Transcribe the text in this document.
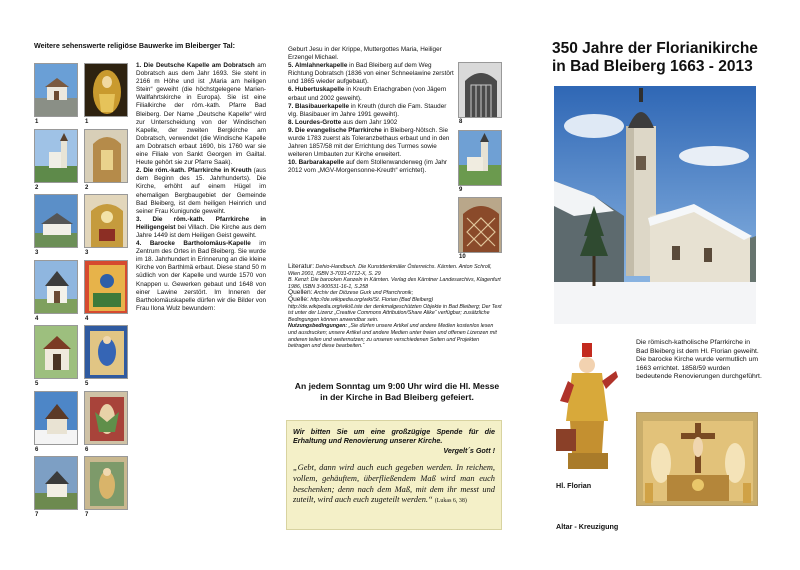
Weitere sehenswerte religiöse Bauwerke im Bleiberger Tal:
1	1
2	2
3	3
4	4
5	5
6	6
7	7

1. Die Deutsche Kapelle am Dobratsch am Dobratsch aus dem Jahr 1693. Sie steht in 2166 m Höhe und ist „Maria am heiligen Stein“ geweiht (die höchstgelegene Marien-Wallfahrtskirche in Europa). Sie ist eine Filialkirche der röm.-kath. Pfarre Bad Bleiberg. Der Name „Deutsche Kapelle“ wird zur Unterscheidung von der Windischen Kapelle, der zweiten Bergkirche am Dobratsch, verwendet (die Windische Kapelle am Dobratsch erbaut 1690, bis 1760 war sie eine Filiale von Sankt Georgen im Gailtal. Heute gehört sie zur Pfarre Saak).

2. Die röm.-kath. Pfarrkirche in Kreuth (aus dem Beginn des 15. Jahrhunderts). Die Kirche, erhöht auf einem Hügel im ehemaligen Bergbaugebiet der Gemeinde Bad Bleiberg, ist dem heiligen Heinrich und seiner Frau Kunigunde geweiht.

3. Die röm.-kath. Pfarrkirche in Heiligengeist bei Villach. Die Kirche aus dem Jahre 1449 ist dem Heiligen Geist geweiht.

4. Barocke Bartholomäus-Kapelle im Zentrum des Ortes in Bad Bleiberg. Sie wurde im 18. Jahrhundert in Erinnerung an die kleine Kirche von Barthlmä erbaut. Diese stand 50 m südlich von der Kapelle und wurde 1570 von Knappen u. Gewerken gebaut und 1648 von einer Lawine zerstört. Im Inneren der Bartholomäuskapelle dürfen wir die Bilder von Frau Ilona Wulz bewundern:

Geburt Jesu in der Krippe, Muttergottes Maria, Heiliger Erzengel Michael.

5. Almlahnerkapelle in Bad Bleiberg auf dem Weg Richtung Dobratsch (1836 von einer Schneelawine zerstört und 1865 wieder aufgebaut).

6. Hubertuskapelle in Kreuth Erlachgraben (von Jägern erbaut und 2002 geweiht).

7. Blasibauerkapelle in Kreuth (durch die Fam. Stauder vlg. Blasibauer im Jahre 1991 geweiht).

8. Lourdes-Grotte aus dem Jahr 1902

9. Die evangelische Pfarrkirche in Bleiberg-Nötsch. Sie wurde 1783 zuerst als Toleranzbethaus erbaut und in den Jahren 1857/58 mit der Errichtung des Turmes sowie weiteren Umbauten zur Kirche erweitert.

10. Barbarakapelle auf dem Stollenwanderweg (im Jahr 2012 vom „MGV-Morgensonne-Kreuth“ errichtet).

8
9
10

Literatur: Dehio-Handbuch. Die Kunstdenkmäler Österreichs. Kärnten. Anton Schroll, Wien 2001, ISBN 3-7031-0712-X, S. 29

B. Kenzl: Die barocken Kanzeln in Kärnten. Verlag des Kärntner Landesarchivs, Klagenfurt 1986, ISBN 3-900531-16-1, S.258

Quellen: Archiv der Diözese Gurk und Pfarrchronik;

Quelle: http://de.wikipedia.org/wiki/St. Florian (Bad Bleiberg) http://de.wikipedia.org/wiki/Liste der denkmalgeschützten Objekte in Bad Bleiberg; Der Text ist unter der Lizenz „Creative Commons Attribution/Share Alike“ verfügbar; zusätzliche Bedingungen können anwendbar sein.

Nutzungsbedingungen: „Sie dürfen unsere Artikel und andere Medien kostenlos lesen und ausdrucken; unsere Artikel und andere Medien unter freien und offenen Lizenzen mit anderen teilen und weiternutzen; zu unseren verschiedenen Seiten und Projekten beitragen und diese bearbeiten.“

An jedem Sonntag um 9:00 Uhr wird die Hl. Messe in der Kirche in Bad Bleiberg gefeiert.
Wir bitten Sie um eine großzügige Spende für die Erhaltung und Renovierung unserer Kirche.
Vergelt´s Gott !
„Gebt, dann wird auch euch gegeben werden. In reichem, vollem, gehäuftem, überfließendem Maß wird man euch beschenken; denn nach dem Maß, mit dem ihr messt und zuteilt, wird auch euch zugeteilt werden.“ (Lukas 6, 38)
350 Jahre der Florianikirche
in Bad Bleiberg 1663 - 2013
Die römisch-katholische Pfarrkirche in Bad Bleiberg ist dem Hl. Florian geweiht. Die barocke Kirche wurde vermutlich um 1663 errichtet. 1858/59 wurden bedeutende Renovierungen durchgeführt.
Hl. Florian
Altar - Kreuzigung
